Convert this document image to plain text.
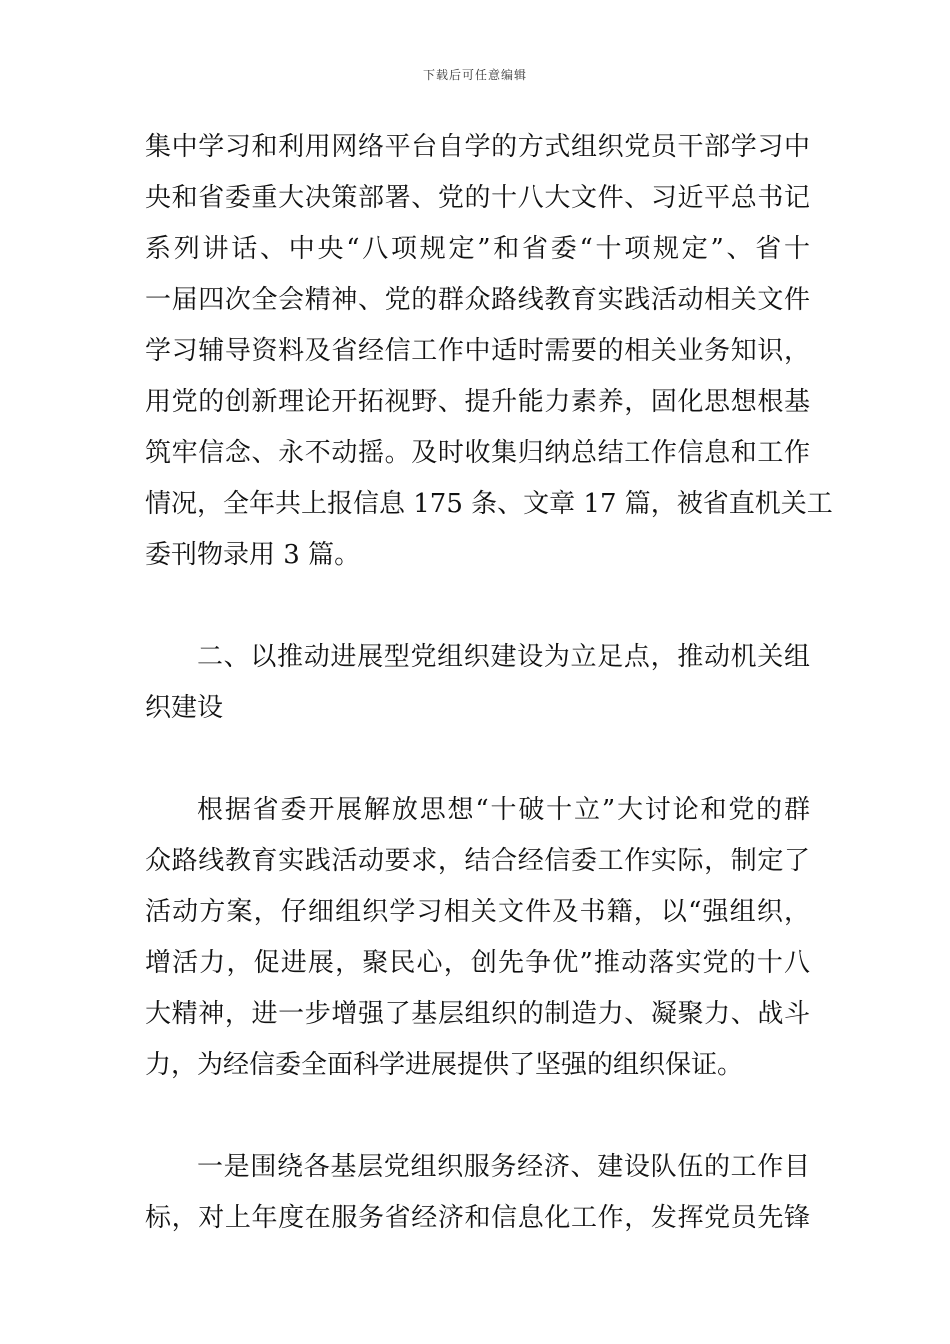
下载后可任意编辑
集中学习和利用网络平台自学的方式组织党员干部学习中
央和省委重大决策部署、党的十八大文件、习近平总书记
系列讲话、中央“八项规定”和省委“十项规定”、省十
一届四次全会精神、党的群众路线教育实践活动相关文件
学习辅导资料及省经信工作中适时需要的相关业务知识，
用党的创新理论开拓视野、提升能力素养，固化思想根基
筑牢信念、永不动摇。及时收集归纳总结工作信息和工作
情况，全年共上报信息 175 条、文章 17 篇，被省直机关工
委刊物录用 3 篇。
二、以推动进展型党组织建设为立足点，推动机关组
织建设
根据省委开展解放思想“十破十立”大讨论和党的群
众路线教育实践活动要求，结合经信委工作实际，制定了
活动方案，仔细组织学习相关文件及书籍，以“强组织，
增活力，促进展，聚民心，创先争优”推动落实党的十八
大精神，进一步增强了基层组织的制造力、凝聚力、战斗
力，为经信委全面科学进展提供了坚强的组织保证。
一是围绕各基层党组织服务经济、建设队伍的工作目
标，对上年度在服务省经济和信息化工作，发挥党员先锋
